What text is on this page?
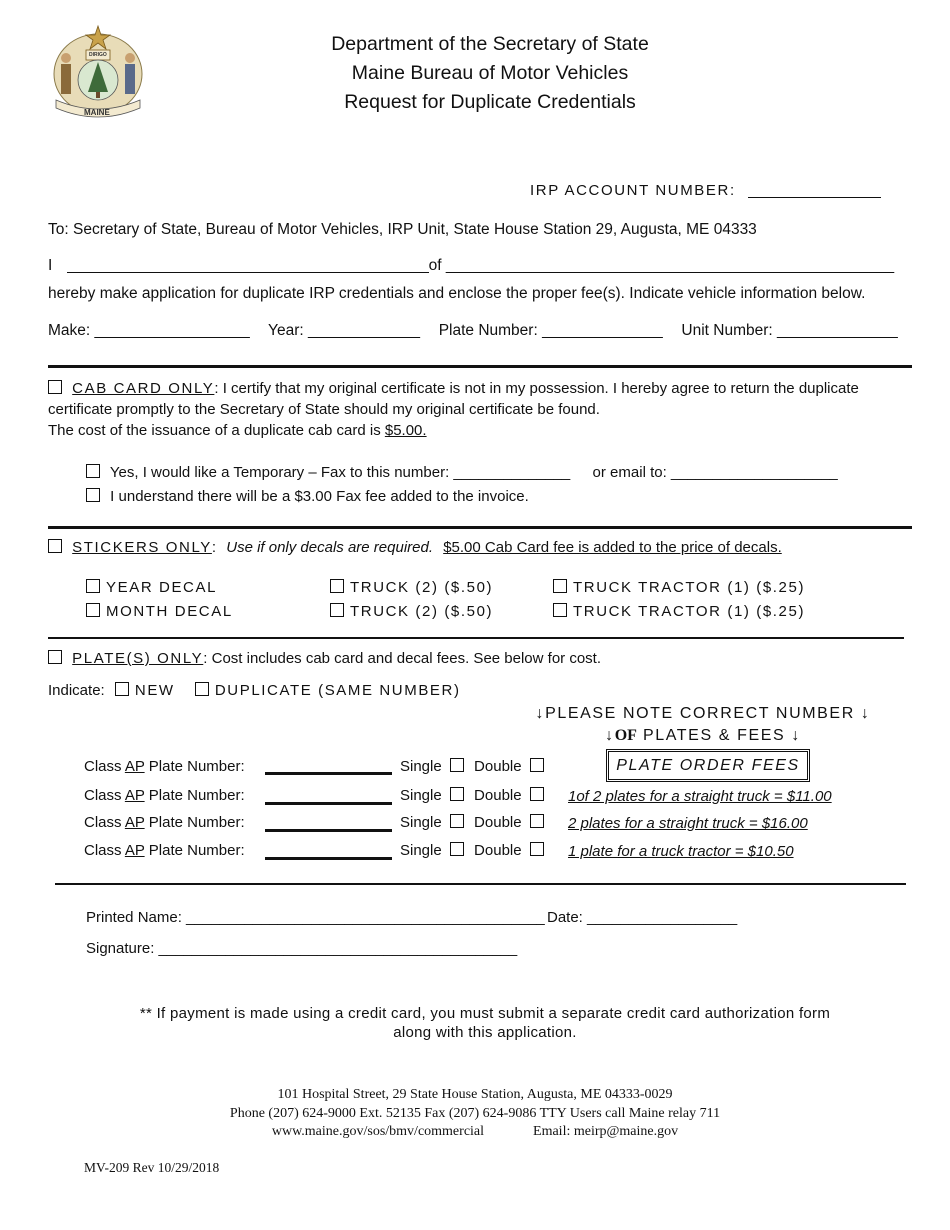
DIRIGO
MAINE
Department of the Secretary of State
Maine Bureau of Motor Vehicles
Request for Duplicate Credentials
IRP ACCOUNT NUMBER:
To: Secretary of State, Bureau of Motor Vehicles, IRP Unit, State House Station 29, Augusta, ME 04333
I	of ____________________________________________________
hereby make application for duplicate IRP credentials and enclose the proper fee(s). Indicate vehicle information below.
Make: __________________ Year: _____________ Plate Number: ______________ Unit Number: ______________
CAB CARD ONLY: I certify that my original certificate is not in my possession. I hereby agree to return the duplicate
certificate promptly to the Secretary of State should my original certificate be found.
The cost of the issuance of a duplicate cab card is $5.00.
Yes, I would like a Temporary – Fax to this number: ______________ or email to: ____________________
I understand there will be a $3.00 Fax fee added to the invoice.
STICKERS ONLY: Use if only decals are required. $5.00 Cab Card fee is added to the price of decals.
YEAR DECAL	TRUCK (2) ($.50)	TRUCK TRACTOR (1) ($.25)
MONTH DECAL	TRUCK (2) ($.50)	TRUCK TRACTOR (1) ($.25)
PLATE(S) ONLY: Cost includes cab card and decal fees. See below for cost.
Indicate: NEW	DUPLICATE (SAME NUMBER)
↓PLEASE NOTE CORRECT NUMBER ↓
↓OF PLATES & FEES ↓
Class AP Plate Number:	Single Double
Class AP Plate Number:	Single Double
Class AP Plate Number:	Single Double
Class AP Plate Number:	Single Double
PLATE ORDER FEES
1of 2 plates for a straight truck = $11.00
2 plates for a straight truck = $16.00
1 plate for a truck tractor = $10.50
Printed Name: ___________________________________________ Date: __________________
Signature: ___________________________________________
** If payment is made using a credit card, you must submit a separate credit card authorization form
along with this application.
101 Hospital Street, 29 State House Station, Augusta, ME 04333-0029
Phone (207) 624-9000 Ext. 52135 Fax (207) 624-9086 TTY Users call Maine relay 711
www.maine.gov/sos/bmv/commercial	Email: meirp@maine.gov
MV-209 Rev 10/29/2018
